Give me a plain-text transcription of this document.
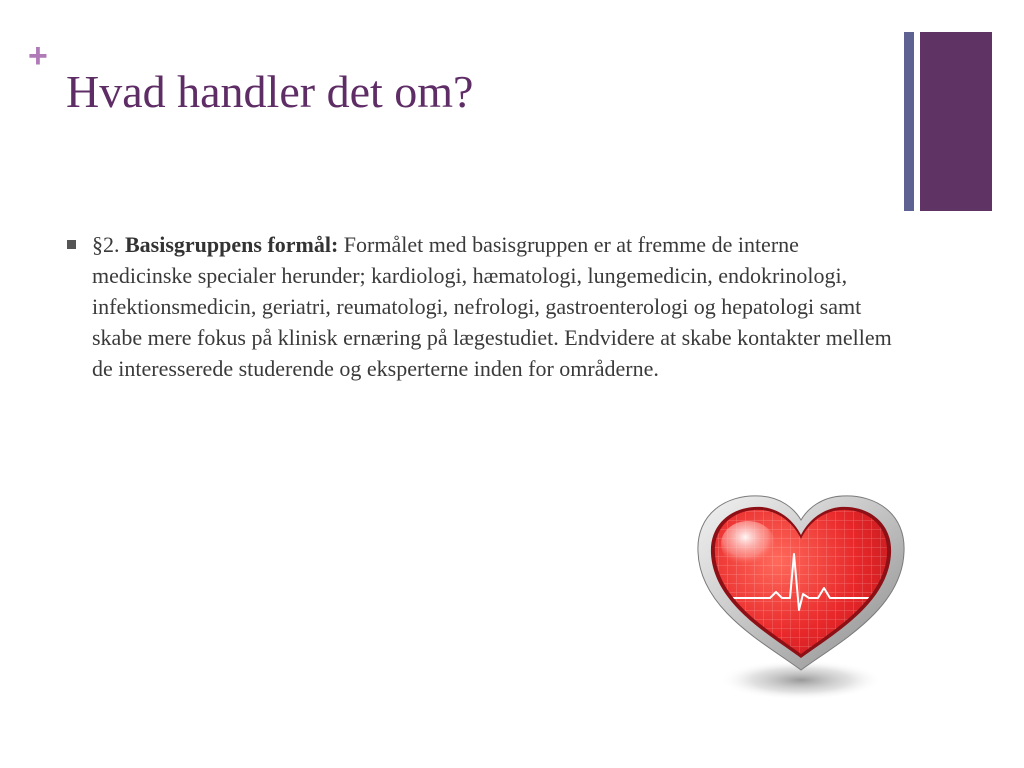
+
Hvad handler det om?
§2. Basisgruppens formål: Formålet med basisgruppen er at fremme de interne medicinske specialer herunder; kardiologi, hæmatologi, lungemedicin, endokrinologi, infektionsmedicin, geriatri, reumatologi, nefrologi, gastroenterologi og hepatologi samt skabe mere fokus på klinisk ernæring på lægestudiet. Endvidere at skabe kontakter mellem de interesserede studerende og eksperterne inden for områderne.
